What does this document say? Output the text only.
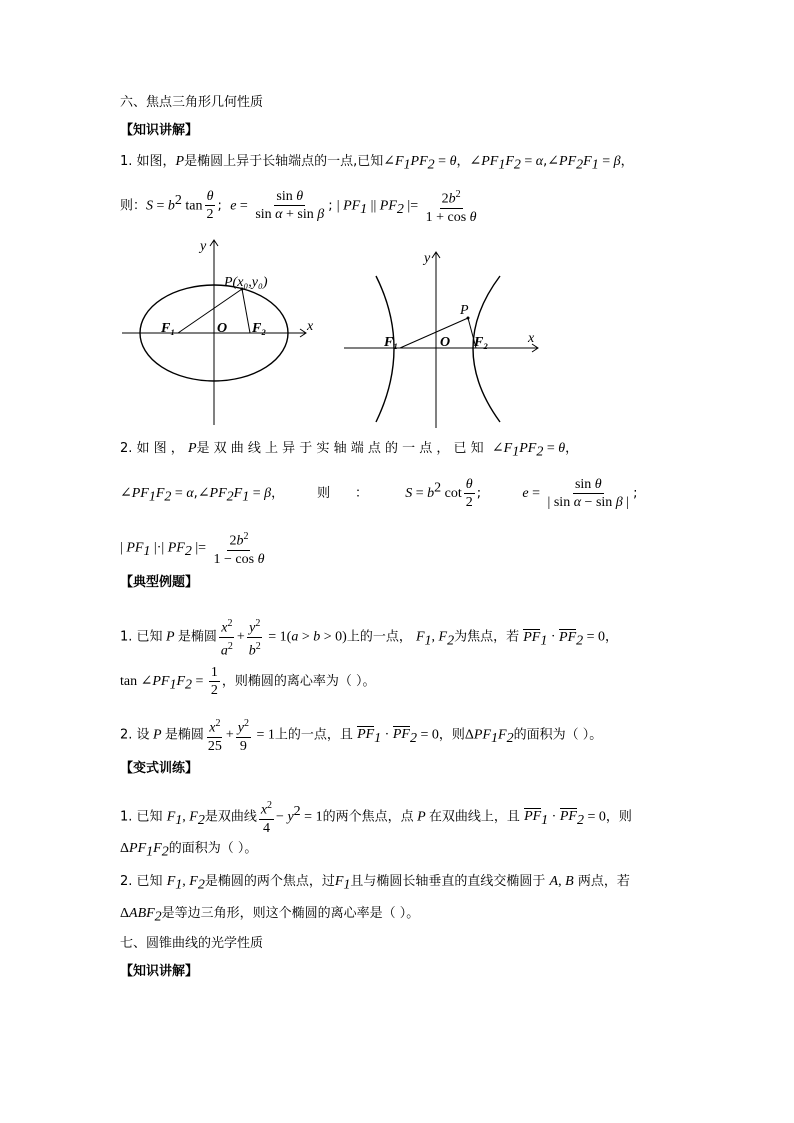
六、焦点三角形几何性质
【知识讲解】
1. 如图，P是椭圆上异于长轴端点的一点,已知$\angle F_1PF_2 = \theta$，$\angle PF_1F_2$ = $\alpha,\angle PF_2F_1 = \beta$，
则：$S = b^2$ $\tan \frac{\theta}{2}$ ;  $e = \frac{\text{sin θ}}{\text{sin α + sin β}}$ ; | $PF_1$ || $PF_2$ |= $\frac{2b^2}{\text{1 + cos θ}}$
y
x
P(x₀,y₀)
F₁	O F₂
y
x
P
F₁	O F₂
2. 如 图 ， P是 双 曲 线 上 异 于 实 轴 端 点 的 一 点 ， 已 知 $\angle F_1PF_2 = \theta$，
$\angle PF_1F_2$ = $\alpha,\angle PF_2F_1 = \beta$，        则 ：	$S = b^2$ $\cot \frac{\theta}{2}$ ;          $e = \frac{\text{sin θ}}{\text{| sin α − sin β |}}$ ;
| $PF_1$ |·| $PF_2$ |= $\frac{2b^2}{\text{1 − cos θ}}$
【典型例题】
1. 已知 P 是椭圆 $\frac{x^2}{a^2} + \frac{y^2}{b^2} = 1(a > b > 0)$上的一点， $F_1$, $F_2$为焦点，若 $PF_1 \cdot PF_2 = 0$，
$\tan \angle PF_1F_2 = \frac{1}{2}$ ，则椭圆的离心率为（ ）。
2. 设 P 是椭圆 $\frac{x^2}{25} + \frac{y^2}{9} = 1$上的一点，且 $PF_1 \cdot PF_2 = 0$，则$\Delta PF_1F_2$的面积为（ ）。
【变式训练】
1. 已知 $F_1$, $F_2$是双曲线 $\frac{x^2}{4} - y^2 = 1$的两个焦点，点 P 在双曲线上，且 $PF_1 \cdot PF_2 = 0$，则
$\Delta PF_1F_2$的面积为（ ）。
2. 已知 $F_1$, $F_2$是椭圆的两个焦点，过$F_1$且与椭圆长轴垂直的直线交椭圆于 A, B 两点，若
$\Delta ABF_2$是等边三角形，则这个椭圆的离心率是（ ）。
七、圆锥曲线的光学性质
【知识讲解】
